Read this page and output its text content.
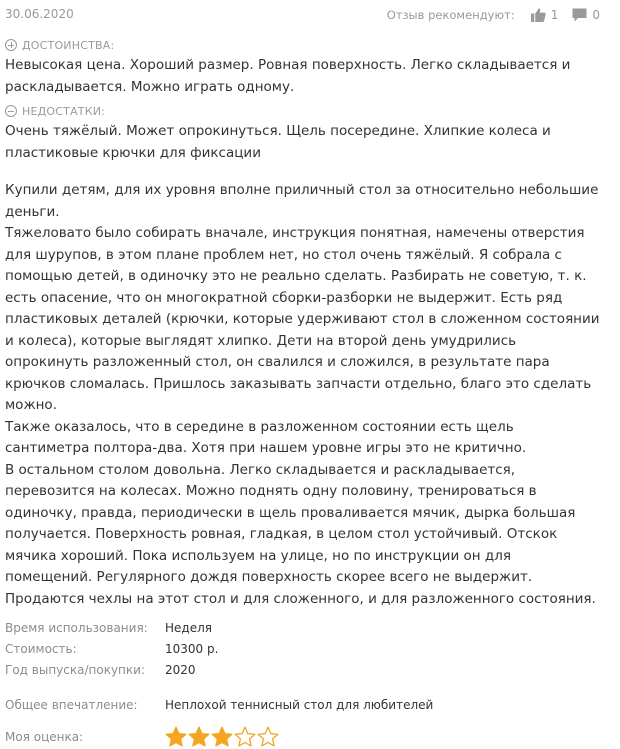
30.06.2020	Отзыв рекомендуют:	1	0
ДОСТОИНСТВА:
Невысокая цена. Хороший размер. Ровная поверхность. Легко складывается и раскладывается. Можно играть одному.
НЕДОСТАТКИ:
Очень тяжёлый. Может опрокинуться. Щель посередине. Хлипкие колеса и пластиковые крючки для фиксации

Купили детям, для их уровня вполне приличный стол за относительно небольшие деньги.

Тяжеловато было собирать вначале, инструкция понятная, намечены отверстия для шурупов, в этом плане проблем нет, но стол очень тяжёлый. Я собрала с помощью детей, в одиночку это не реально сделать. Разбирать не советую, т. к. есть опасение, что он многократной сборки-разборки не выдержит. Есть ряд пластиковых деталей (крючки, которые удерживают стол в сложенном состоянии и колеса), которые выглядят хлипко. Дети на второй день умудрились опрокинуть разложенный стол, он свалился и сложился, в результате пара крючков сломалась. Пришлось заказывать запчасти отдельно, благо это сделать можно.

Также оказалось, что в середине в разложенном состоянии есть щель сантиметра полтора-два. Хотя при нашем уровне игры это не критично.

В остальном столом довольна. Легко складывается и раскладывается, перевозится на колесах. Можно поднять одну половину, тренироваться в одиночку, правда, периодически в щель проваливается мячик, дырка большая получается. Поверхность ровная, гладкая, в целом стол устойчивый. Отскок мячика хороший. Пока используем на улице, но по инструкции он для помещений. Регулярного дождя поверхность скорее всего не выдержит. Продаются чехлы на этот стол и для сложенного, и для разложенного состояния.

Время использования:	Неделя
Стоимость:	10300 р.
Год выпуска/покупки:	2020
Общее впечатление:	Неплохой теннисный стол для любителей
Моя оценка:
